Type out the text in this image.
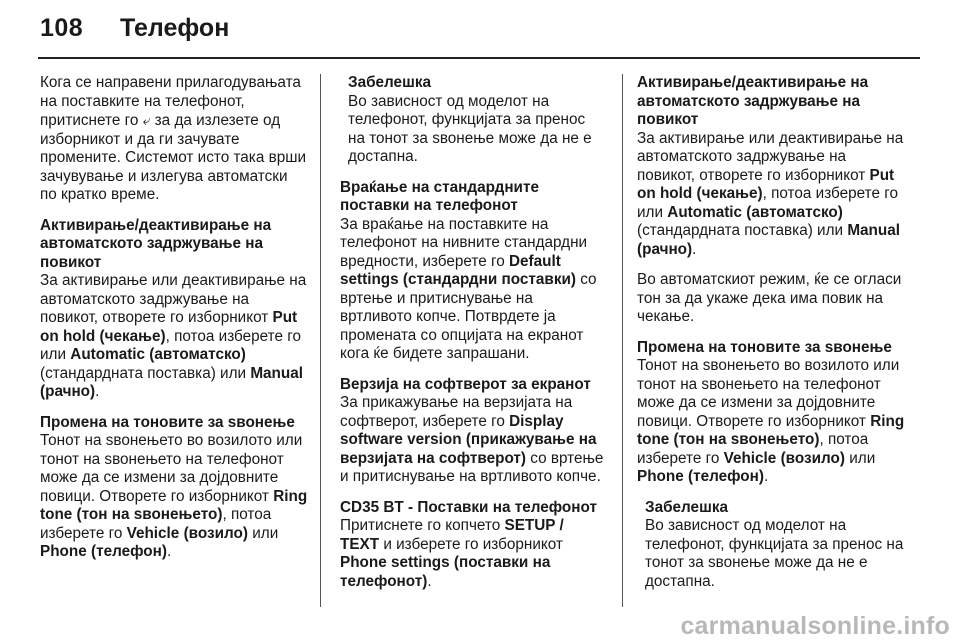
108 Телефон

Кога се направени прилагодувањата на поставките на телефонот, притиснете го ⤶ за да излезете од изборникот и да ги зачувате промените. Системот исто така врши зачувување и излегува автоматски по кратко време.

Активирање/деактивирање на автоматското задржување на повикот

За активирање или деактивирање на автоматското задржување на повикот, отворете го изборникот Put on hold (чекање), потоа изберете го или Automatic (автоматско) (стандардната поставка) или Manual (рачно).

Промена на тоновите за ѕвонење

Тонот на ѕвонењето во возилото или тонот на ѕвонењето на телефонот може да се измени за дојдовните повици. Отворете го изборникот Ring tone (тон на ѕвонењето), потоа изберете го Vehicle (возило) или Phone (телефон).

Забелешка

Во зависност од моделот на телефонот, функцијата за пренос на тонот за ѕвонење може да не е достапна.

Враќање на стандардните поставки на телефонот

За враќање на поставките на телефонот на нивните стандардни вредности, изберете го Default settings (стандардни поставки) со вртење и притиснување на вртливото копче. Потврдете ја промената со опцијата на екранот кога ќе бидете запрашани.

Верзија на софтверот за екранот

За прикажување на верзијата на софтверот, изберете го Display software version (прикажување на верзијата на софтверот) со вртење и притиснување на вртливото копче.

CD35 BT - Поставки на телефонот

Притиснете го копчето SETUP / TEXT и изберете го изборникот Phone settings (поставки на телефонот).

Активирање/деактивирање на автоматското задржување на повикот

За активирање или деактивирање на автоматското задржување на повикот, отворете го изборникот Put on hold (чекање), потоа изберете го или Automatic (автоматско) (стандардната поставка) или Manual (рачно).

Во автоматскиот режим, ќе се огласи тон за да укаже дека има повик на чекање.

Промена на тоновите за ѕвонење

Тонот на ѕвонењето во возилото или тонот на ѕвонењето на телефонот може да се измени за дојдовните повици. Отворете го изборникот Ring tone (тон на ѕвонењето), потоа изберете го Vehicle (возило) или Phone (телефон).

Забелешка

Во зависност од моделот на телефонот, функцијата за пренос на тонот за ѕвонење може да не е достапна.

carmanualsonline.info
